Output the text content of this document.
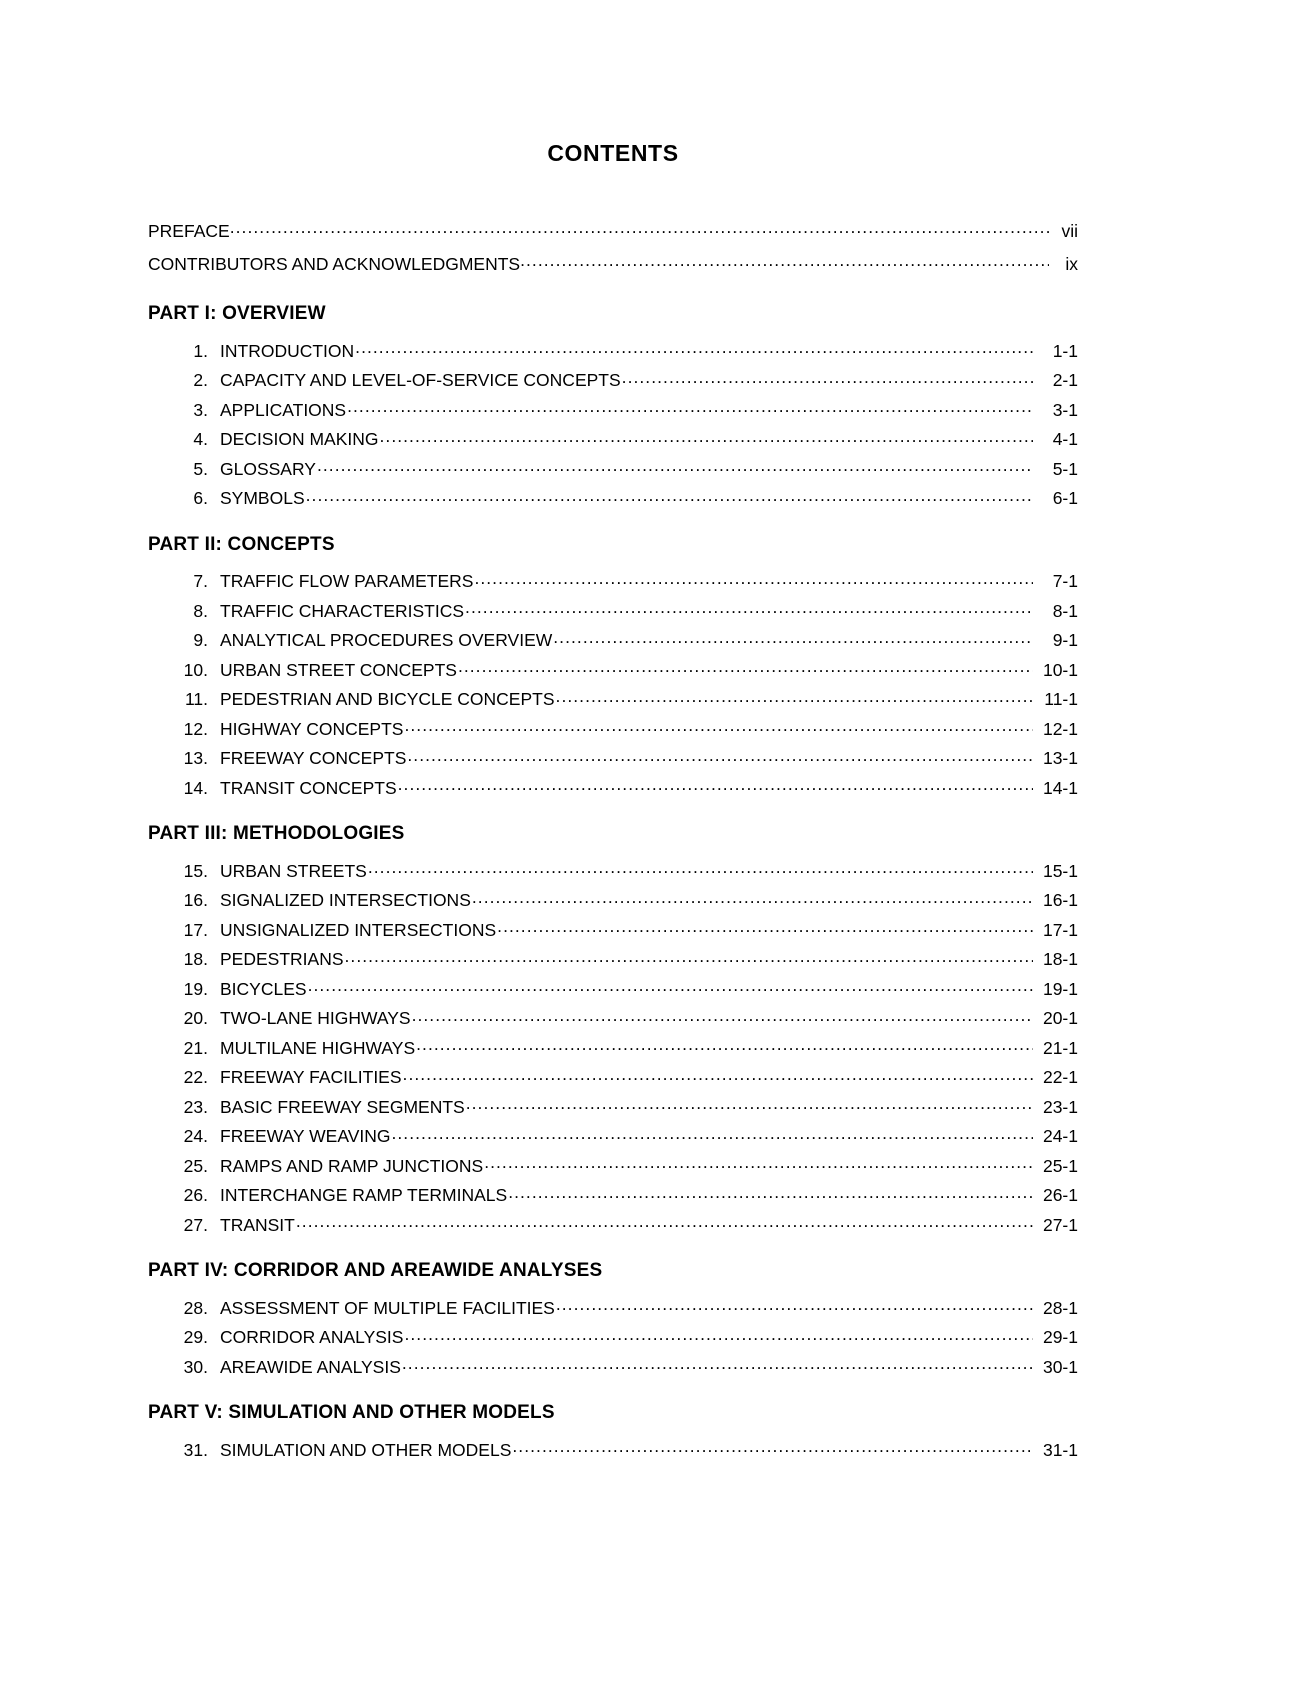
CONTENTS
PREFACE .....	vii
CONTRIBUTORS AND ACKNOWLEDGMENTS .....	ix
PART I: OVERVIEW
1. INTRODUCTION .....	1-1
2. CAPACITY AND LEVEL-OF-SERVICE CONCEPTS .....	2-1
3. APPLICATIONS .....	3-1
4. DECISION MAKING .....	4-1
5. GLOSSARY .....	5-1
6. SYMBOLS .....	6-1
PART II: CONCEPTS
7. TRAFFIC FLOW PARAMETERS .....	7-1
8. TRAFFIC CHARACTERISTICS .....	8-1
9. ANALYTICAL PROCEDURES OVERVIEW .....	9-1
10. URBAN STREET CONCEPTS .....	10-1
11. PEDESTRIAN AND BICYCLE CONCEPTS .....	11-1
12. HIGHWAY CONCEPTS .....	12-1
13. FREEWAY CONCEPTS .....	13-1
14. TRANSIT CONCEPTS .....	14-1
PART III: METHODOLOGIES
15. URBAN STREETS .....	15-1
16. SIGNALIZED INTERSECTIONS .....	16-1
17. UNSIGNALIZED INTERSECTIONS .....	17-1
18. PEDESTRIANS .....	18-1
19. BICYCLES .....	19-1
20. TWO-LANE HIGHWAYS .....	20-1
21. MULTILANE HIGHWAYS .....	21-1
22. FREEWAY FACILITIES .....	22-1
23. BASIC FREEWAY SEGMENTS .....	23-1
24. FREEWAY WEAVING .....	24-1
25. RAMPS AND RAMP JUNCTIONS .....	25-1
26. INTERCHANGE RAMP TERMINALS .....	26-1
27. TRANSIT .....	27-1
PART IV: CORRIDOR AND AREAWIDE ANALYSES
28. ASSESSMENT OF MULTIPLE FACILITIES .....	28-1
29. CORRIDOR ANALYSIS .....	29-1
30. AREAWIDE ANALYSIS .....	30-1
PART V: SIMULATION AND OTHER MODELS
31. SIMULATION AND OTHER MODELS .....	31-1
